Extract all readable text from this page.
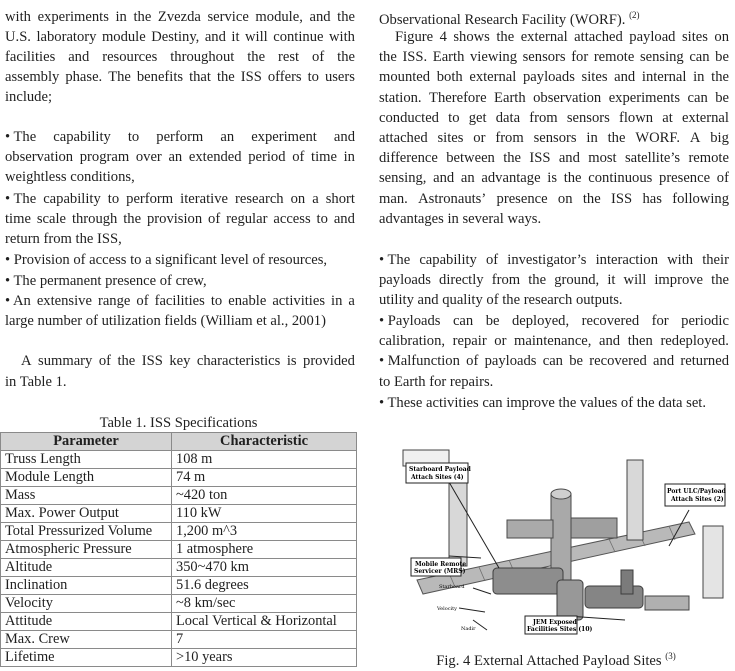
with experiments in the Zvezda service module, and the
U.S. laboratory module Destiny, and it will continue with
facilities and resources throughout the rest of the
assembly phase. The benefits that the ISS offers to users
include;
• The capability to perform an experiment and
observation program over an extended period of time in
weightless conditions,
• The capability to perform iterative research on a short
time scale through the provision of regular access to and
return from the ISS,
• Provision of access to a significant level of resources,
• The permanent presence of crew,
• An extensive range of facilities to enable activities in a
large number of utilization fields (William et al., 2001)
A summary of the ISS key characteristics is provided
in Table 1.
Table 1. ISS Specifications
Parameter	Characteristic
Truss Length	108 m
Module Length	74 m
Mass	~420 ton
Max. Power Output	110 kW
Total Pressurized Volume	1,200 m^3
Atmospheric Pressure	1 atmosphere
Altitude	350~470 km
Inclination	51.6 degrees
Velocity	~8 km/sec
Attitude	Local Vertical & Horizontal
Max. Crew	7
Lifetime	>10 years
Observational Research Facility (WORF). $^{(2)}$
Figure 4 shows the external attached payload sites on
the ISS. Earth viewing sensors for remote sensing can be
mounted both external payloads sites and internal in the
station. Therefore Earth observation experiments can be
conducted to get data from sensors flown at external
attached sites or from sensors in the WORF. A big
difference between the ISS and most satellite’s remote
sensing, and an advantage is the continuous presence of
man. Astronauts’ presence on the ISS has following
advantages in several ways.
• The capability of investigator’s interaction with their
payloads directly from the ground, it will improve the
utility and quality of the research outputs.
• Payloads can be deployed, recovered for periodic
calibration, repair or maintenance, and then redeployed.
• Malfunction of payloads can be recovered and returned
to Earth for repairs.
• These activities can improve the values of the data set.
Starboard Payload
Attach Sites (4)
Port ULC/Payload
Attach Sites (2)
Mobile Remote
Servicer (MRS)
JEM Exposed
Facilities Sites (10)
Starboard
Velocity
Nadir
Fig. 4 External Attached Payload Sites $^{(3)}$
